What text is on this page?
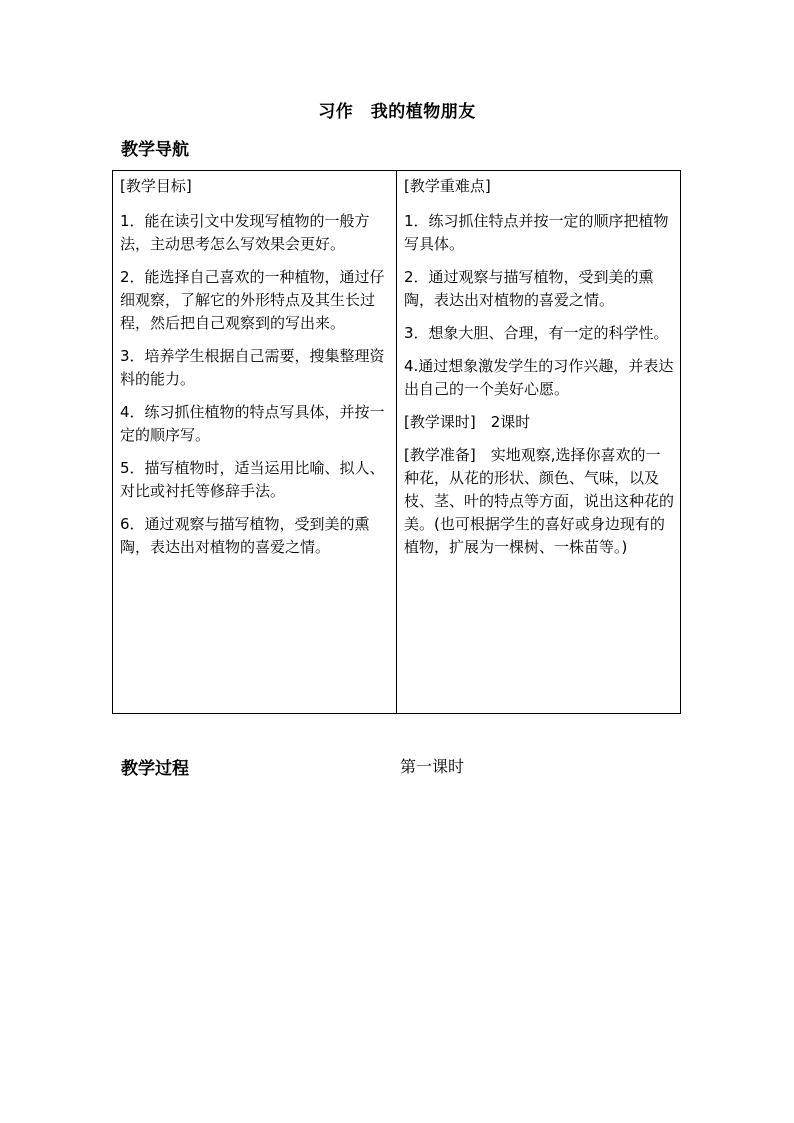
习作　我的植物朋友
教学导航

[教学目标]

1．能在读引文中发现写植物的一般方法，主动思考怎么写效果会更好。

2．能选择自己喜欢的一种植物，通过仔细观察，了解它的外形特点及其生长过程，然后把自己观察到的写出来。

3．培养学生根据自己需要，搜集整理资料的能力。

4．练习抓住植物的特点写具体，并按一定的顺序写。

5．描写植物时，适当运用比喻、拟人、对比或衬托等修辞手法。

6．通过观察与描写植物，受到美的熏陶，表达出对植物的喜爱之情。

[教学重难点]

1．练习抓住特点并按一定的顺序把植物写具体。

2．通过观察与描写植物，受到美的熏陶，表达出对植物的喜爱之情。

3．想象大胆、合理，有一定的科学性。

4.通过想象激发学生的习作兴趣，并表达出自己的一个美好心愿。

[教学课时]　2课时

[教学准备]　实地观察,选择你喜欢的一种花，从花的形状、颜色、气味，以及枝、茎、叶的特点等方面，说出这种花的美。(也可根据学生的喜好或身边现有的植物，扩展为一棵树、一株苗等。)

教学过程	第一课时
